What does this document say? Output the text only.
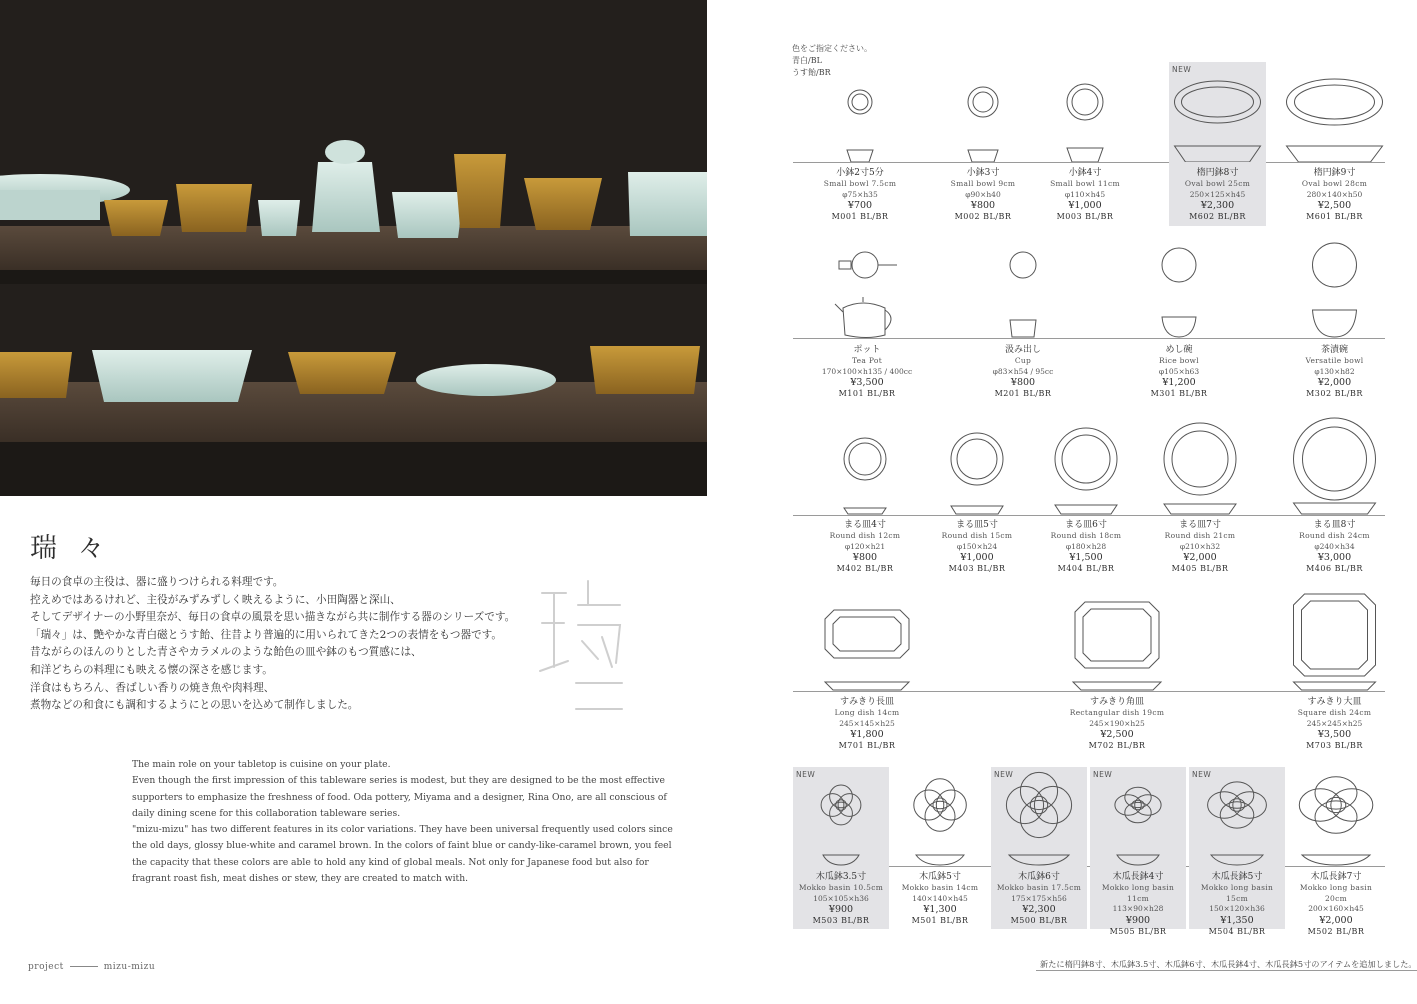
瑞 々

毎日の食卓の主役は、器に盛りつけられる料理です。

控えめではあるけれど、主役がみずみずしく映えるように、小田陶器と深山、

そしてデザイナーの小野里奈が、毎日の食卓の風景を思い描きながら共に制作する器のシリーズです。

「瑞々」は、艶やかな青白磁とうす飴、往昔より普遍的に用いられてきた2つの表情をもつ器です。

昔ながらのほんのりとした青さやカラメルのような飴色の皿や鉢のもつ質感には、

和洋どちらの料理にも映える懐の深さを感じます。

洋食はもちろん、香ばしい香りの焼き魚や肉料理、

煮物などの和食にも調和するようにとの思いを込めて制作しました。

The main role on your tabletop is cuisine on your plate.

Even though the first impression of this tableware series is modest, but they are designed to be the most effective

supporters to emphasize the freshness of food. Oda pottery, Miyama and a designer, Rina Ono, are all conscious of

daily dining scene for this collaboration tableware series.

"mizu-mizu" has two different features in its color variations. They have been universal frequently used colors since

the old days, glossy blue-white and caramel brown. In the colors of faint blue or candy-like-caramel brown, you feel

the capacity that these colors are able to hold any kind of global meals. Not only for Japanese food but also for

fragrant roast fish, meat dishes or stew, they are created to match with.

project	mizu-mizu

色をご指定ください。

青白/BL

うす飴/BR

小鉢2寸5分
Small bowl 7.5cm
φ75×h35
¥700
M001 BL/BR
小鉢3寸
Small bowl 9cm
φ90×h40
¥800
M002 BL/BR
小鉢4寸
Small bowl 11cm
φ110×h45
¥1,000
M003 BL/BR
NEW
楕円鉢8寸
Oval bowl 25cm
250×125×h45
¥2,300
M602 BL/BR
楕円鉢9寸
Oval bowl 28cm
280×140×h50
¥2,500
M601 BL/BR
ポット
Tea Pot
170×100×h135 / 400cc
¥3,500
M101 BL/BR
汲み出し
Cup
φ83×h54 / 95cc
¥800
M201 BL/BR
めし碗
Rice bowl
φ105×h63
¥1,200
M301 BL/BR
茶漬碗
Versatile bowl
φ130×h82
¥2,000
M302 BL/BR
まる皿4寸
Round dish 12cm
φ120×h21
¥800
M402 BL/BR
まる皿5寸
Round dish 15cm
φ150×h24
¥1,000
M403 BL/BR
まる皿6寸
Round dish 18cm
φ180×h28
¥1,500
M404 BL/BR
まる皿7寸
Round dish 21cm
φ210×h32
¥2,000
M405 BL/BR
まる皿8寸
Round dish 24cm
φ240×h34
¥3,000
M406 BL/BR
すみきり長皿
Long dish 14cm
245×145×h25
¥1,800
M701 BL/BR
すみきり角皿
Rectangular dish 19cm
245×190×h25
¥2,500
M702 BL/BR
すみきり大皿
Square dish 24cm
245×245×h25
¥3,500
M703 BL/BR
NEW
木瓜鉢3.5寸
Mokko basin 10.5cm
105×105×h36
¥900
M503 BL/BR
木瓜鉢5寸
Mokko basin 14cm
140×140×h45
¥1,300
M501 BL/BR
NEW
木瓜鉢6寸
Mokko basin 17.5cm
175×175×h56
¥2,300
M500 BL/BR
NEW
木瓜長鉢4寸
Mokko long basin 11cm
113×90×h28
¥900
M505 BL/BR
NEW
木瓜長鉢5寸
Mokko long basin 15cm
150×120×h36
¥1,350
M504 BL/BR
木瓜長鉢7寸
Mokko long basin 20cm
200×160×h45
¥2,000
M502 BL/BR
新たに楕円鉢8寸、木瓜鉢3.5寸、木瓜鉢6寸、木瓜長鉢4寸、木瓜長鉢5寸のアイテムを追加しました。
